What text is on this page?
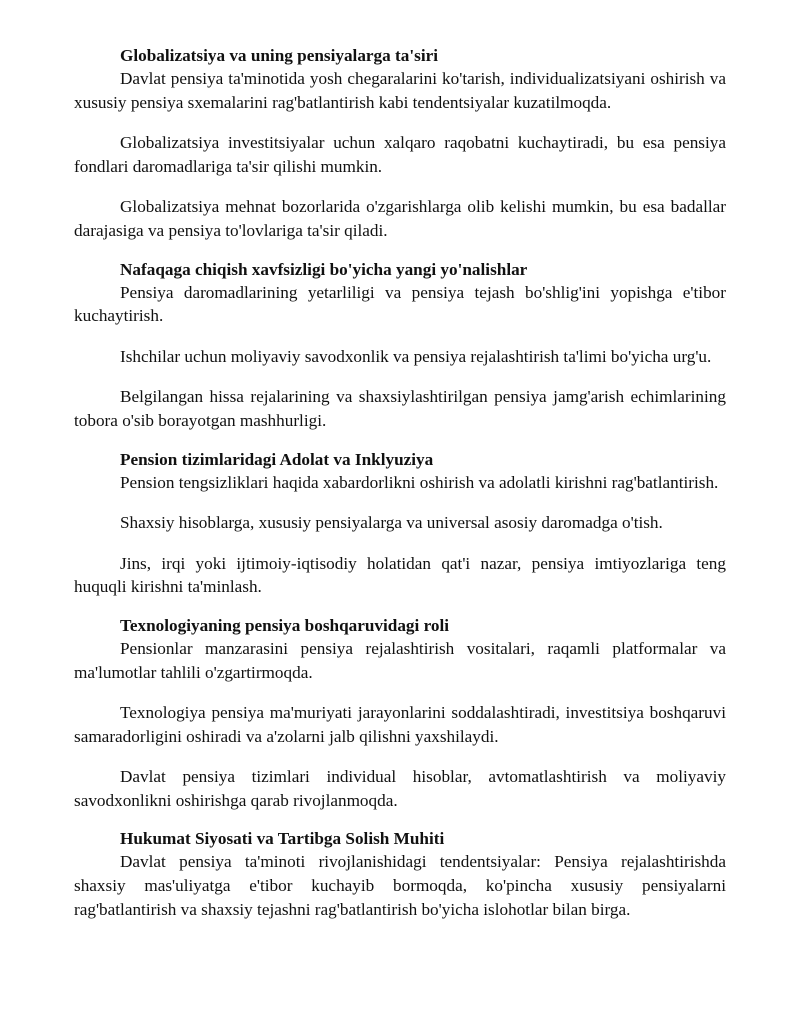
Globalizatsiya va uning pensiyalarga ta'siri

Davlat pensiya ta'minotida yosh chegaralarini ko'tarish, individualizatsiyani oshirish va xususiy pensiya sxemalarini rag'batlantirish kabi tendentsiyalar kuzatilmoqda.

Globalizatsiya investitsiyalar uchun xalqaro raqobatni kuchaytiradi, bu esa pensiya fondlari daromadlariga ta'sir qilishi mumkin.

Globalizatsiya mehnat bozorlarida o'zgarishlarga olib kelishi mumkin, bu esa badallar darajasiga va pensiya to'lovlariga ta'sir qiladi.

Nafaqaga chiqish xavfsizligi bo'yicha yangi yo'nalishlar

Pensiya daromadlarining yetarliligi va pensiya tejash bo'shlig'ini yopishga e'tibor kuchaytirish.

Ishchilar uchun moliyaviy savodxonlik va pensiya rejalashtirish ta'limi bo'yicha urg'u.

Belgilangan hissa rejalarining va shaxsiylashtirilgan pensiya jamg'arish echimlarining tobora o'sib borayotgan mashhurligi.

Pension tizimlaridagi Adolat va Inklyuziya

Pension tengsizliklari haqida xabardorlikni oshirish va adolatli kirishni rag'batlantirish.

Shaxsiy hisoblarga, xususiy pensiyalarga va universal asosiy daromadga o'tish.

Jins, irqi yoki ijtimoiy-iqtisodiy holatidan qat'i nazar, pensiya imtiyozlariga teng huquqli kirishni ta'minlash.

Texnologiyaning pensiya boshqaruvidagi roli

Pensionlar manzarasini pensiya rejalashtirish vositalari, raqamli platformalar va ma'lumotlar tahlili o'zgartirmoqda.

Texnologiya pensiya ma'muriyati jarayonlarini soddalashtiradi, investitsiya boshqaruvi samaradorligini oshiradi va a'zolarni jalb qilishni yaxshilaydi.

Davlat pensiya tizimlari individual hisoblar, avtomatlashtirish va moliyaviy savodxonlikni oshirishga qarab rivojlanmoqda.

Hukumat Siyosati va Tartibga Solish Muhiti

Davlat pensiya ta'minoti rivojlanishidagi tendentsiyalar: Pensiya rejalashtirishda shaxsiy mas'uliyatga e'tibor kuchayib bormoqda, ko'pincha xususiy pensiyalarni rag'batlantirish va shaxsiy tejashni rag'batlantirish bo'yicha islohotlar bilan birga.
